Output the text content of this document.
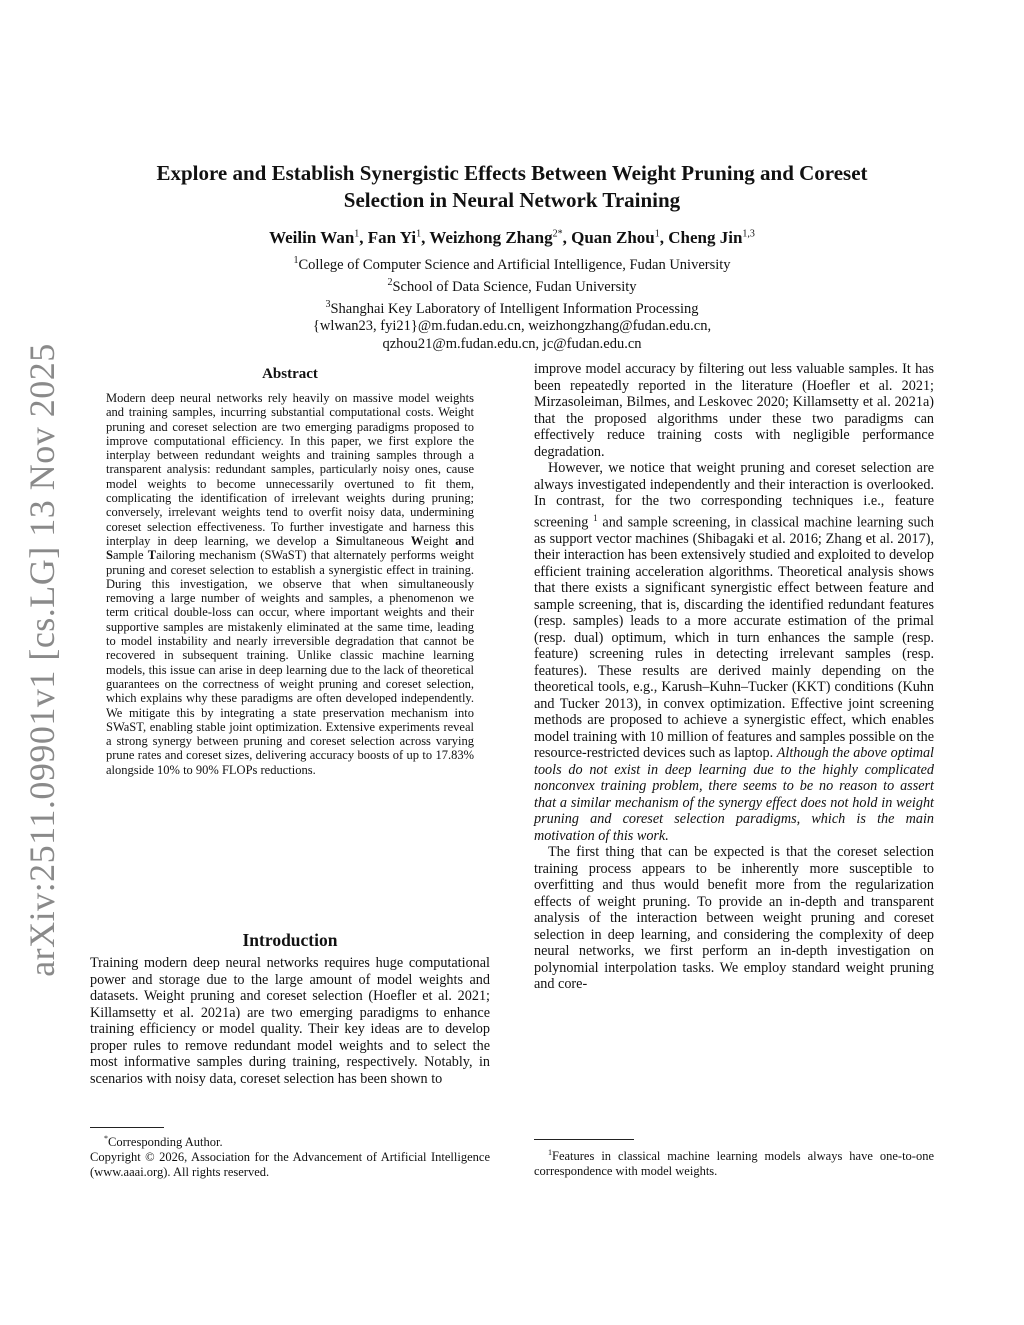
arXiv:2511.09901v1 [cs.LG] 13 Nov 2025
Explore and Establish Synergistic Effects Between Weight Pruning and Coreset
Selection in Neural Network Training
Weilin Wan$^1$, Fan Yi$^1$, Weizhong Zhang$^{2*}$, Quan Zhou$^1$, Cheng Jin$^{1,3}$
$^1$College of Computer Science and Artificial Intelligence, Fudan University
$^2$School of Data Science, Fudan University
$^3$Shanghai Key Laboratory of Intelligent Information Processing
{wlwan23, fyi21}@m.fudan.edu.cn, weizhongzhang@fudan.edu.cn,
qzhou21@m.fudan.edu.cn, jc@fudan.edu.cn
Abstract
Modern deep neural networks rely heavily on massive model weights and training samples, incurring substantial computational costs. Weight pruning and coreset selection are two emerging paradigms proposed to improve computational efficiency. In this paper, we first explore the interplay between redundant weights and training samples through a transparent analysis: redundant samples, particularly noisy ones, cause model weights to become unnecessarily overtuned to fit them, complicating the identification of irrelevant weights during pruning; conversely, irrelevant weights tend to overfit noisy data, undermining coreset selection effectiveness. To further investigate and harness this interplay in deep learning, we develop a Simultaneous Weight and Sample Tailoring mechanism (SWaST) that alternately performs weight pruning and coreset selection to establish a synergistic effect in training. During this investigation, we observe that when simultaneously removing a large number of weights and samples, a phenomenon we term critical double-loss can occur, where important weights and their supportive samples are mistakenly eliminated at the same time, leading to model instability and nearly irreversible degradation that cannot be recovered in subsequent training. Unlike classic machine learning models, this issue can arise in deep learning due to the lack of theoretical guarantees on the correctness of weight pruning and coreset selection, which explains why these paradigms are often developed independently. We mitigate this by integrating a state preservation mechanism into SWaST, enabling stable joint optimization. Extensive experiments reveal a strong synergy between pruning and coreset selection across varying prune rates and coreset sizes, delivering accuracy boosts of up to 17.83% alongside 10% to 90% FLOPs reductions.
Introduction

Training modern deep neural networks requires huge computational power and storage due to the large amount of model weights and datasets. Weight pruning and coreset selection (Hoefler et al. 2021; Killamsetty et al. 2021a) are two emerging paradigms to enhance training efficiency or model quality. Their key ideas are to develop proper rules to remove redundant model weights and to select the most informative samples during training, respectively. Notably, in scenarios with noisy data, coreset selection has been shown to

*Corresponding Author.
Copyright © 2026, Association for the Advancement of Artificial Intelligence (www.aaai.org). All rights reserved.

improve model accuracy by filtering out less valuable samples. It has been repeatedly reported in the literature (Hoefler et al. 2021; Mirzasoleiman, Bilmes, and Leskovec 2020; Killamsetty et al. 2021a) that the proposed algorithms under these two paradigms can effectively reduce training costs with negligible performance degradation.

However, we notice that weight pruning and coreset selection are always investigated independently and their interaction is overlooked. In contrast, for the two corresponding techniques i.e., feature screening $^1$ and sample screening, in classical machine learning such as support vector machines (Shibagaki et al. 2016; Zhang et al. 2017), their interaction has been extensively studied and exploited to develop efficient training acceleration algorithms. Theoretical analysis shows that there exists a significant synergistic effect between feature and sample screening, that is, discarding the identified redundant features (resp. samples) leads to a more accurate estimation of the primal (resp. dual) optimum, which in turn enhances the sample (resp. feature) screening rules in detecting irrelevant samples (resp. features). These results are derived mainly depending on the theoretical tools, e.g., Karush–Kuhn–Tucker (KKT) conditions (Kuhn and Tucker 2013), in convex optimization. Effective joint screening methods are proposed to achieve a synergistic effect, which enables model training with 10 million of features and samples possible on the resource-restricted devices such as laptop. Although the above optimal tools do not exist in deep learning due to the highly complicated nonconvex training problem, there seems to be no reason to assert that a similar mechanism of the synergy effect does not hold in weight pruning and coreset selection paradigms, which is the main motivation of this work.

The first thing that can be expected is that the coreset selection training process appears to be inherently more susceptible to overfitting and thus would benefit more from the regularization effects of weight pruning. To provide an in-depth and transparent analysis of the interaction between weight pruning and coreset selection in deep learning, and considering the complexity of deep neural networks, we first perform an in-depth investigation on polynomial interpolation tasks. We employ standard weight pruning and core-

$^1$Features in classical machine learning models always have one-to-one correspondence with model weights.
